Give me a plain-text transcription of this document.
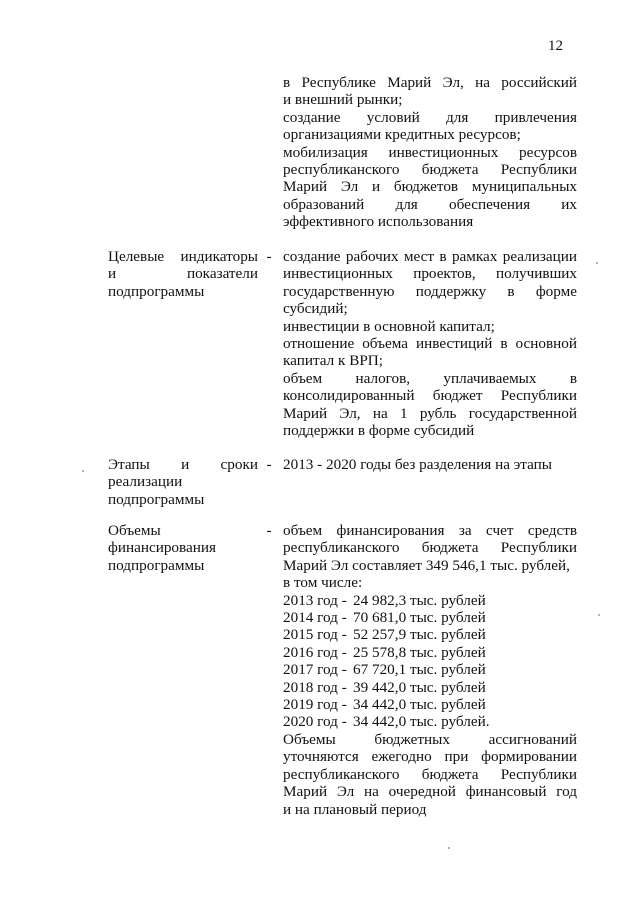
12
в Республике Марий Эл, на российский
и внешний рынки;
создание условий для привлечения
организациями кредитных ресурсов;
мобилизация инвестиционных ресурсов
республиканского бюджета Республики
Марий Эл и бюджетов муниципальных
образований для обеспечения их
эффективного использования
Целевые индикаторы
и показатели
подпрограммы
- создание рабочих мест в рамках реализации
инвестиционных проектов, получивших
государственную поддержку в форме
субсидий;
инвестиции в основной капитал;
отношение объема инвестиций в основной
капитал к ВРП;
объем налогов, уплачиваемых в
консолидированный бюджет Республики
Марий Эл, на 1 рубль государственной
поддержки в форме субсидий
Этапы и сроки
реализации
подпрограммы
- 2013 - 2020 годы без разделения на этапы
Объемы
финансирования
подпрограммы
- объем финансирования за счет средств
республиканского бюджета Республики
Марий Эл составляет 349 546,1 тыс. рублей,
в том числе:
2013 год - 24 982,3 тыс. рублей
2014 год - 70 681,0 тыс. рублей
2015 год - 52 257,9 тыс. рублей
2016 год - 25 578,8 тыс. рублей
2017 год - 67 720,1 тыс. рублей
2018 год - 39 442,0 тыс. рублей
2019 год - 34 442,0 тыс. рублей
2020 год - 34 442,0 тыс. рублей.
Объемы бюджетных ассигнований
уточняются ежегодно при формировании
республиканского бюджета Республики
Марий Эл на очередной финансовый год
и на плановый период
